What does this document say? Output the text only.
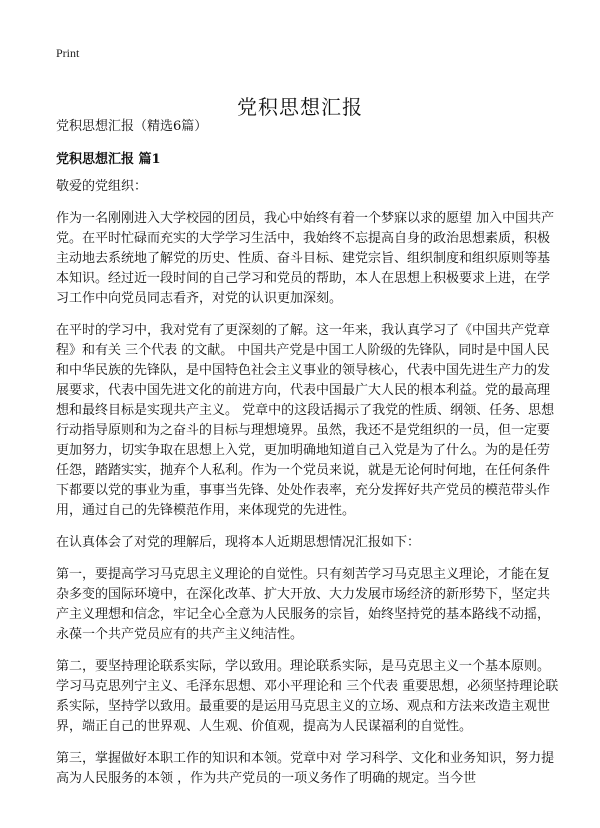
Print
党积思想汇报

党积思想汇报（精选6篇）

党积思想汇报 篇1

敬爱的党组织：

作为一名刚刚进入大学校园的团员，我心中始终有着一个梦寐以求的愿望 加入中国共产党。在平时忙碌而充实的大学学习生活中，我始终不忘提高自身的政治思想素质，积极主动地去系统地了解党的历史、性质、奋斗目标、建党宗旨、组织制度和组织原则等基本知识。经过近一段时间的自己学习和党员的帮助，本人在思想上积极要求上进，在学习工作中向党员同志看齐，对党的认识更加深刻。

在平时的学习中，我对党有了更深刻的了解。这一年来，我认真学习了《中国共产党章程》和有关 三个代表 的文献。 中国共产党是中国工人阶级的先锋队，同时是中国人民和中华民族的先锋队，是中国特色社会主义事业的领导核心，代表中国先进生产力的发展要求，代表中国先进文化的前进方向，代表中国最广大人民的根本利益。党的最高理想和最终目标是实现共产主义。 党章中的这段话揭示了我党的性质、纲领、任务、思想行动指导原则和为之奋斗的目标与理想境界。虽然，我还不是党组织的一员，但一定要更加努力，切实争取在思想上入党，更加明确地知道自己入党是为了什么。为的是任劳任怨，踏踏实实，抛弃个人私利。作为一个党员来说，就是无论何时何地，在任何条件下都要以党的事业为重，事事当先锋、处处作表率，充分发挥好共产党员的模范带头作用，通过自己的先锋模范作用，来体现党的先进性。

在认真体会了对党的理解后，现将本人近期思想情况汇报如下：

第一，要提高学习马克思主义理论的自觉性。只有刻苦学习马克思主义理论，才能在复杂多变的国际环境中，在深化改革、扩大开放、大力发展市场经济的新形势下，坚定共产主义理想和信念，牢记全心全意为人民服务的宗旨，始终坚持党的基本路线不动摇，永葆一个共产党员应有的共产主义纯洁性。

第二，要坚持理论联系实际，学以致用。理论联系实际，是马克思主义一个基本原则。学习马克思列宁主义、毛泽东思想、邓小平理论和 三个代表 重要思想，必须坚持理论联系实际，坚持学以致用。最重要的是运用马克思主义的立场、观点和方法来改造主观世界，端正自己的世界观、人生观、价值观，提高为人民谋福利的自觉性。

第三，掌握做好本职工作的知识和本领。党章中对 学习科学、文化和业务知识，努力提高为人民服务的本领 ，作为共产党员的一项义务作了明确的规定。当今世
